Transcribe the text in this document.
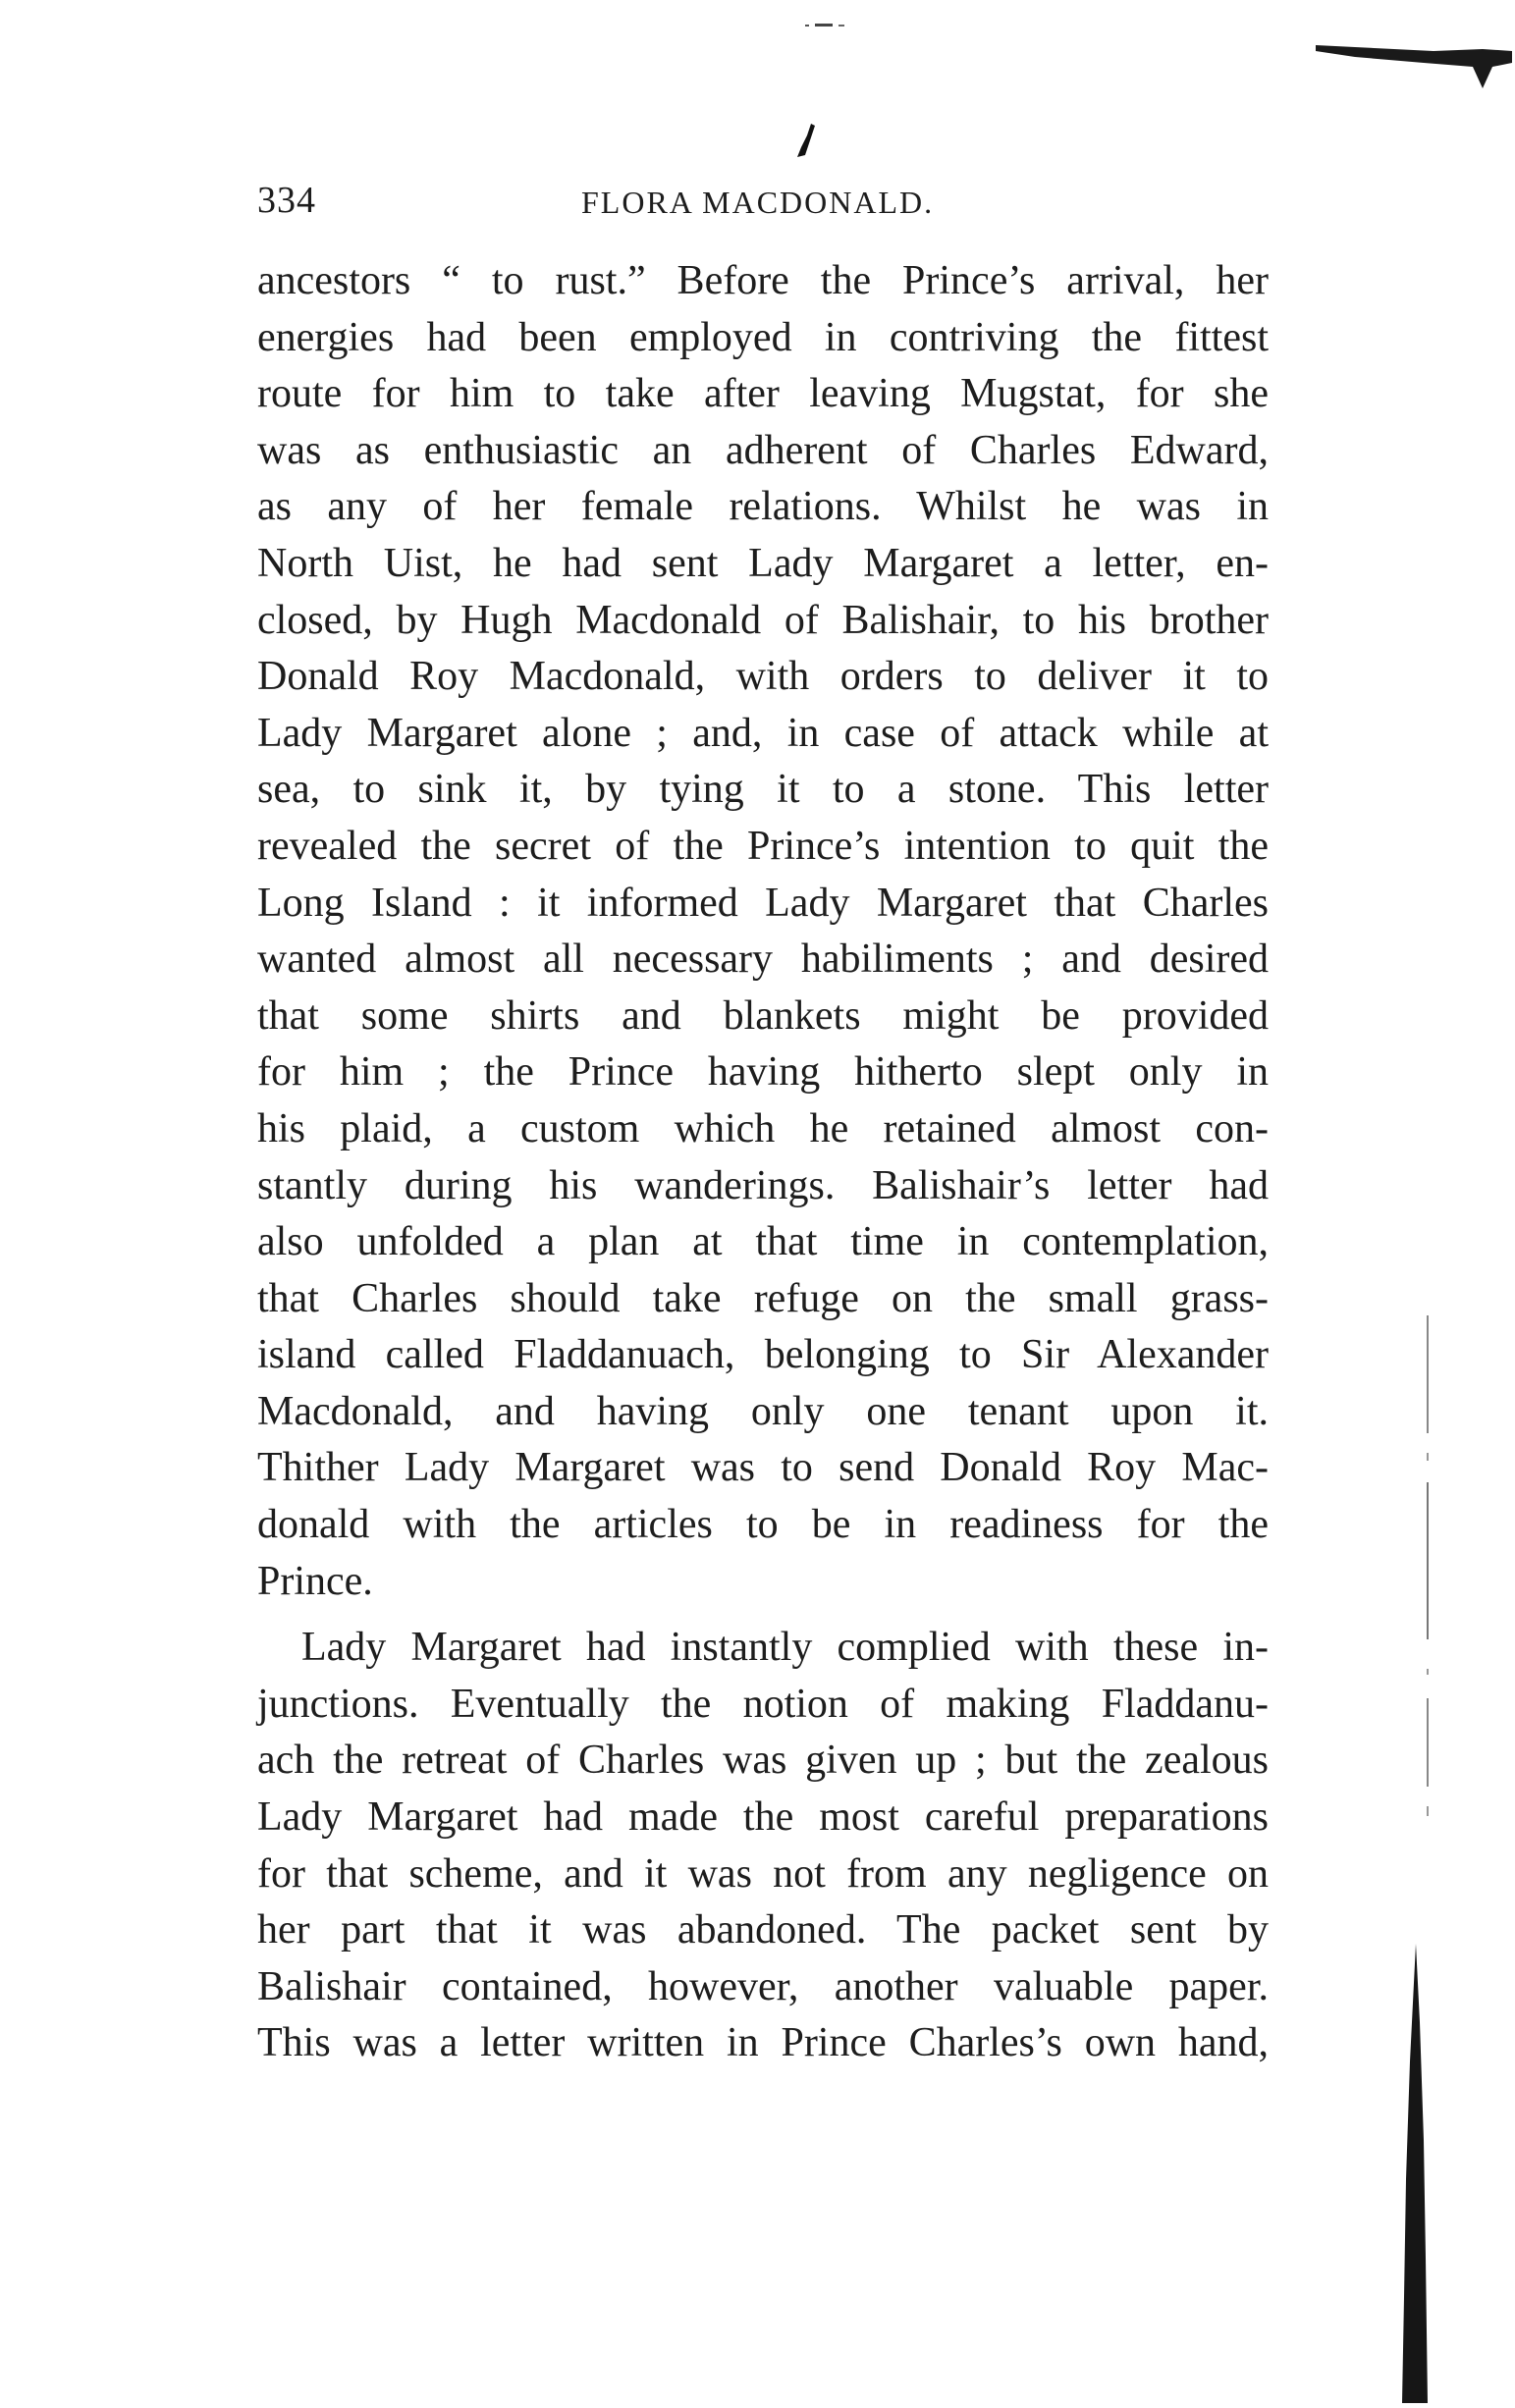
334	FLORA MACDONALD.
ancestors “ to rust.” Before the Prince’s arrival, her
energies had been employed in contriving the fittest
route for him to take after leaving Mugstat, for she
was as enthusiastic an adherent of Charles Edward,
as any of her female relations. Whilst he was in
North Uist, he had sent Lady Margaret a letter, en-
closed, by Hugh Macdonald of Balishair, to his brother
Donald Roy Macdonald, with orders to deliver it to
Lady Margaret alone ; and, in case of attack while at
sea, to sink it, by tying it to a stone. This letter
revealed the secret of the Prince’s intention to quit the
Long Island : it informed Lady Margaret that Charles
wanted almost all necessary habiliments ; and desired
that some shirts and blankets might be provided
for him ; the Prince having hitherto slept only in
his plaid, a custom which he retained almost con-
stantly during his wanderings. Balishair’s letter had
also unfolded a plan at that time in contemplation,
that Charles should take refuge on the small grass-
island called Fladdanuach, belonging to Sir Alexander
Macdonald, and having only one tenant upon it.
Thither Lady Margaret was to send Donald Roy Mac-
donald with the articles to be in readiness for the
Prince.
Lady Margaret had instantly complied with these in-
junctions. Eventually the notion of making Fladdanu-
ach the retreat of Charles was given up ; but the zealous
Lady Margaret had made the most careful preparations
for that scheme, and it was not from any negligence on
her part that it was abandoned. The packet sent by
Balishair contained, however, another valuable paper.
This was a letter written in Prince Charles’s own hand,
